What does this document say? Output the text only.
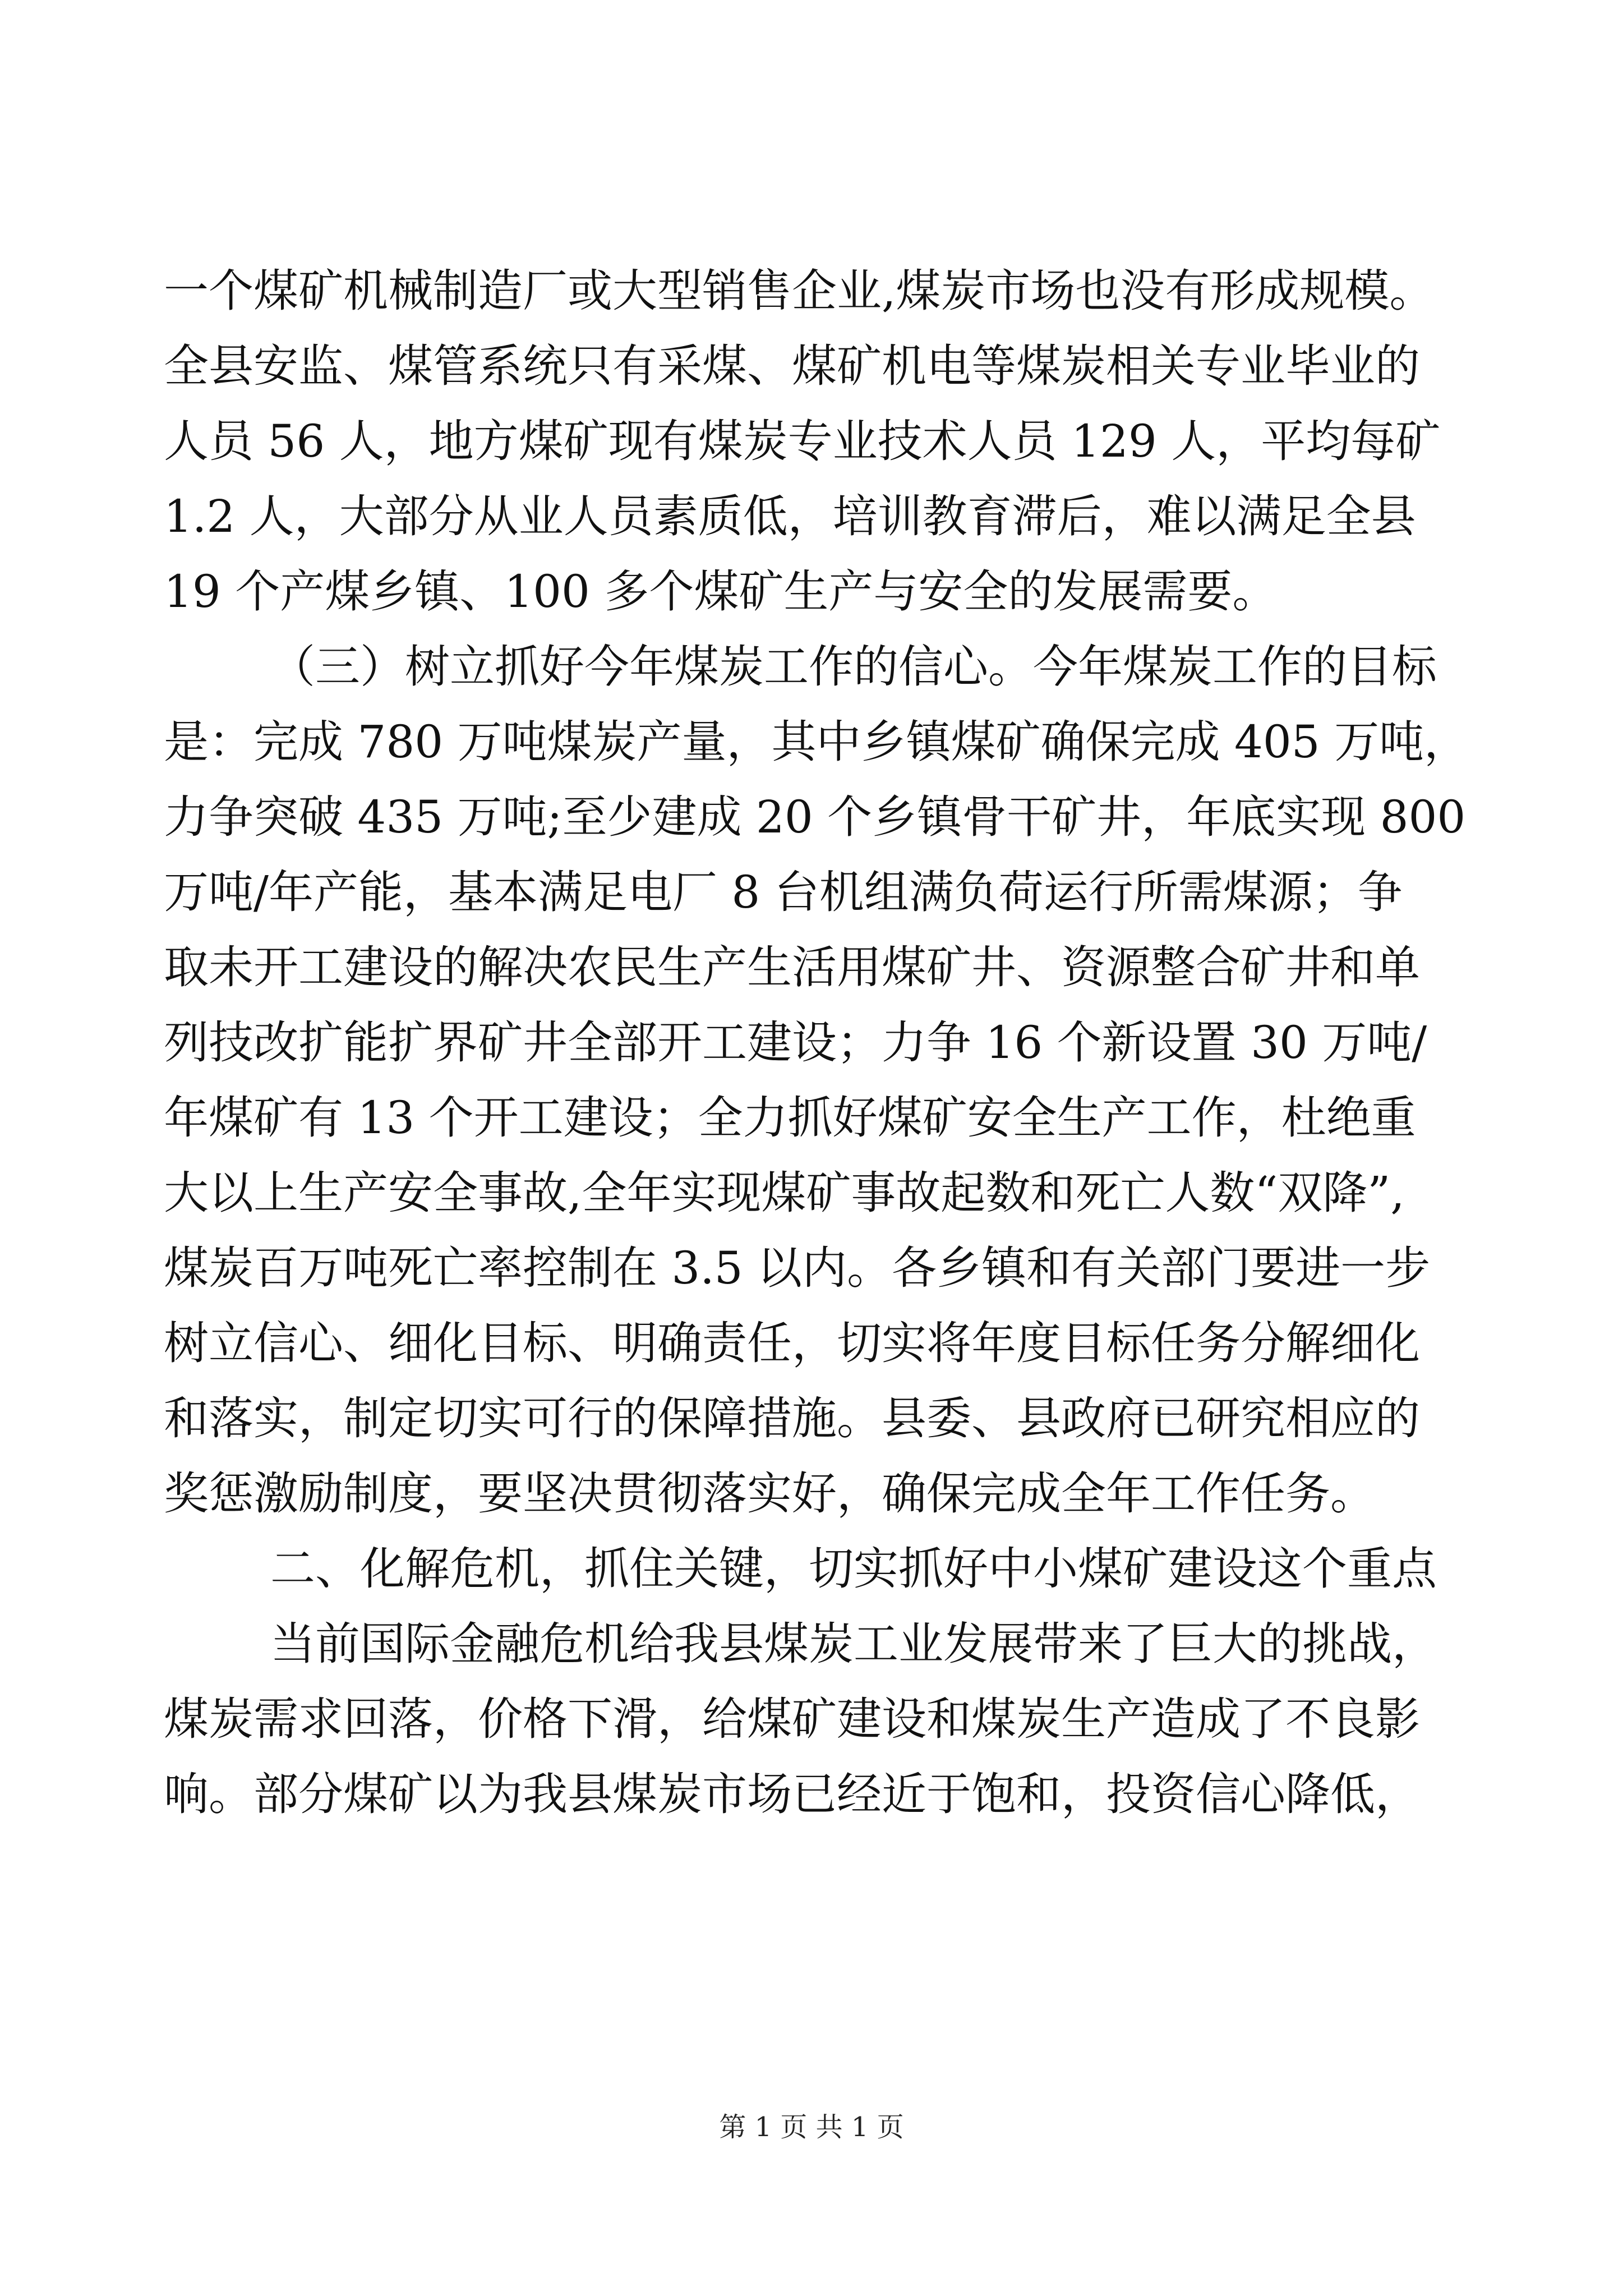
一个煤矿机械制造厂或大型销售企业,煤炭市场也没有形成规模。
全县安监、煤管系统只有采煤、煤矿机电等煤炭相关专业毕业的
人员 56 人，地方煤矿现有煤炭专业技术人员 129 人，平均每矿
1.2 人，大部分从业人员素质低，培训教育滞后，难以满足全县
19 个产煤乡镇、100 多个煤矿生产与安全的发展需要。
（三）树立抓好今年煤炭工作的信心。今年煤炭工作的目标
是：完成 780 万吨煤炭产量，其中乡镇煤矿确保完成 405 万吨，
力争突破 435 万吨;至少建成 20 个乡镇骨干矿井，年底实现 800
万吨/年产能，基本满足电厂 8 台机组满负荷运行所需煤源；争
取未开工建设的解决农民生产生活用煤矿井、资源整合矿井和单
列技改扩能扩界矿井全部开工建设；力争 16 个新设置 30 万吨/
年煤矿有 13 个开工建设；全力抓好煤矿安全生产工作，杜绝重
大以上生产安全事故,全年实现煤矿事故起数和死亡人数“双降”,
煤炭百万吨死亡率控制在 3.5 以内。各乡镇和有关部门要进一步
树立信心、细化目标、明确责任，切实将年度目标任务分解细化
和落实，制定切实可行的保障措施。县委、县政府已研究相应的
奖惩激励制度，要坚决贯彻落实好，确保完成全年工作任务。
二、化解危机，抓住关键，切实抓好中小煤矿建设这个重点
当前国际金融危机给我县煤炭工业发展带来了巨大的挑战，
煤炭需求回落，价格下滑，给煤矿建设和煤炭生产造成了不良影
响。部分煤矿以为我县煤炭市场已经近于饱和，投资信心降低，
第 1 页 共 1 页
